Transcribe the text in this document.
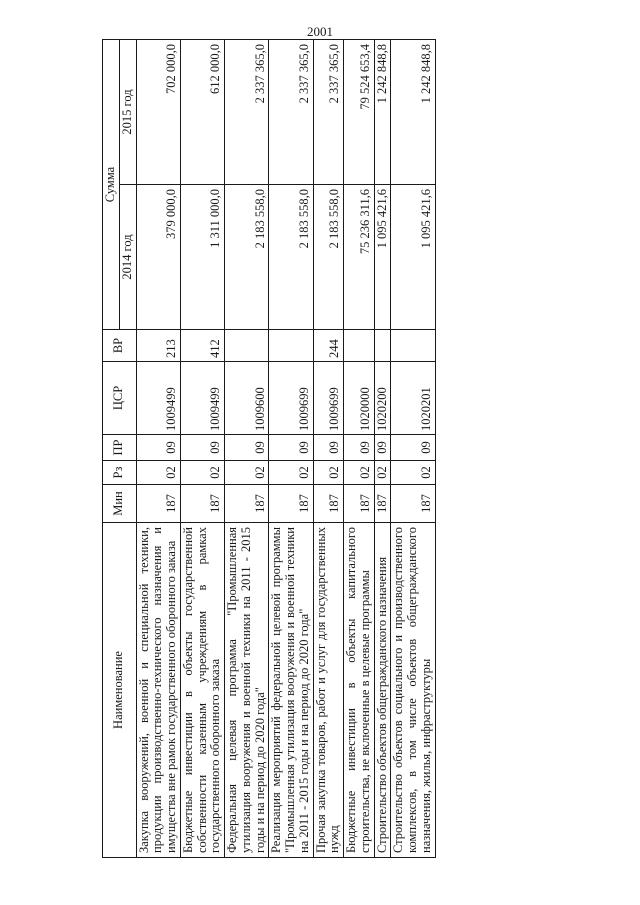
2001
Наименование	Мин	Рз	ПР	ЦСР	ВР	Сумма	
						2014 год	2015 год
Закупка вооружений, военной и специальной техники, продукции производственно-технического назначения и имущества вне рамок государственного оборонного заказа	187	02	09	1009499	213	379 000,0	702 000,0
Бюджетные инвестиции в объекты государственной собственности казенным учреждениям в рамках государственного оборонного заказа	187	02	09	1009499	412	1 311 000,0	612 000,0
Федеральная целевая программа "Промышленная утилизация вооружения и военной техники на 2011 - 2015 годы и на период до 2020 года"	187	02	09	1009600		2 183 558,0	2 337 365,0
Реализация мероприятий федеральной целевой программы "Промышленная утилизация вооружения и военной техники на 2011 - 2015 годы и на период до 2020 года"	187	02	09	1009699		2 183 558,0	2 337 365,0
Прочая закупка товаров, работ и услуг для государственных нужд	187	02	09	1009699	244	2 183 558,0	2 337 365,0
Бюджетные инвестиции в объекты капитального строительства, не включенные в целевые программы	187	02	09	1020000		75 236 311,6	79 524 653,4
Строительство объектов общегражданского назначения	187	02	09	1020200		1 095 421,6	1 242 848,8
Строительство объектов социального и производственного комплексов, в том числе объектов общегражданского назначения, жилья, инфраструктуры	187	02	09	1020201		1 095 421,6	1 242 848,8
